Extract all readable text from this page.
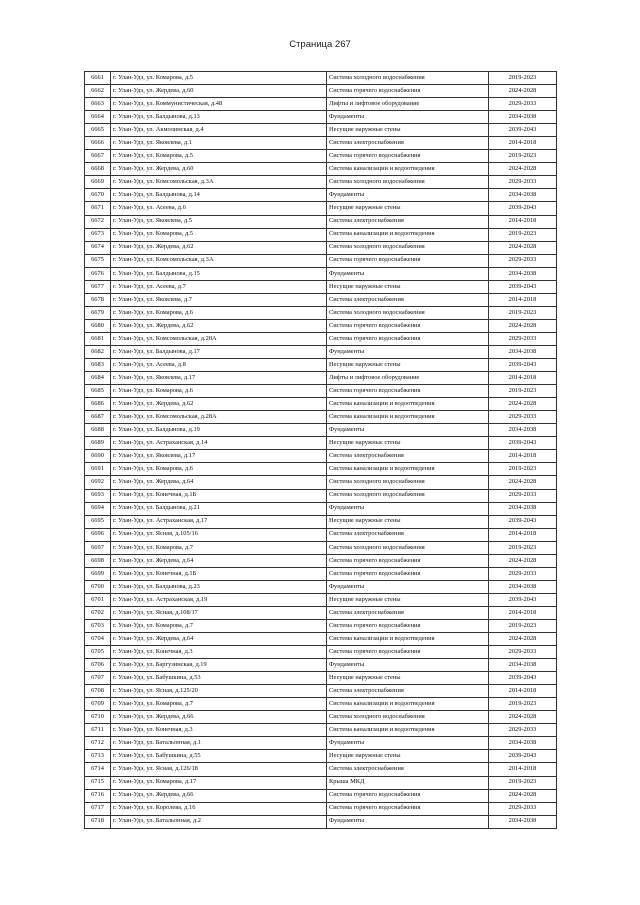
Страница 267
6661	г. Улан-Удэ, ул. Комарова, д.5	Система холодного водоснабжения	2019-2023
6662	г. Улан-Удэ, ул. Жердева, д.60	Система горячего водоснабжения	2024-2028
6663	г. Улан-Удэ, ул. Коммунистическая, д.48	Лифты и лифтовое оборудование	2029-2033
6664	г. Улан-Удэ, ул. Балдынова, д.13	Фундаменты	2034-2038
6665	г. Улан-Удэ, ул. Акмолинская, д.4	Несущие наружные стены	2039-2043
6666	г. Улан-Удэ, ул. Яковлева, д.1	Система электроснабжения	2014-2018
6667	г. Улан-Удэ, ул. Комарова, д.5	Система горячего водоснабжения	2019-2023
6668	г. Улан-Удэ, ул. Жердева, д.60	Система канализации и водоотведения	2024-2028
6669	г. Улан-Удэ, ул. Комсомольская, д.3А	Система холодного водоснабжения	2029-2033
6670	г. Улан-Удэ, ул. Балдынова, д.14	Фундаменты	2034-2038
6671	г. Улан-Удэ, ул. Асеева, д.6	Несущие наружные стены	2039-2043
6672	г. Улан-Удэ, ул. Яковлева, д.5	Система электроснабжения	2014-2018
6673	г. Улан-Удэ, ул. Комарова, д.5	Система канализации и водоотведения	2019-2023
6674	г. Улан-Удэ, ул. Жердева, д.62	Система холодного водоснабжения	2024-2028
6675	г. Улан-Удэ, ул. Комсомольская, д.3А	Система горячего водоснабжения	2029-2033
6676	г. Улан-Удэ, ул. Балдынова, д.15	Фундаменты	2034-2038
6677	г. Улан-Удэ, ул. Асеева, д.7	Несущие наружные стены	2039-2043
6678	г. Улан-Удэ, ул. Яковлева, д.7	Система электроснабжения	2014-2018
6679	г. Улан-Удэ, ул. Комарова, д.6	Система холодного водоснабжения	2019-2023
6680	г. Улан-Удэ, ул. Жердева, д.62	Система горячего водоснабжения	2024-2028
6681	г. Улан-Удэ, ул. Комсомольская, д.28А	Система горячего водоснабжения	2029-2033
6682	г. Улан-Удэ, ул. Балдынова, д.17	Фундаменты	2034-2038
6683	г. Улан-Удэ, ул. Асеева, д.8	Несущие наружные стены	2039-2043
6684	г. Улан-Удэ, ул. Яковлева, д.17	Лифты и лифтовое оборудование	2014-2018
6685	г. Улан-Удэ, ул. Комарова, д.6	Система горячего водоснабжения	2019-2023
6686	г. Улан-Удэ, ул. Жердева, д.62	Система канализации и водоотведения	2024-2028
6687	г. Улан-Удэ, ул. Комсомольская, д.28А	Система канализации и водоотведения	2029-2033
6688	г. Улан-Удэ, ул. Балдынова, д.19	Фундаменты	2034-2038
6689	г. Улан-Удэ, ул. Астраханская, д.14	Несущие наружные стены	2039-2043
6690	г. Улан-Удэ, ул. Яковлева, д.17	Система электроснабжения	2014-2018
6691	г. Улан-Удэ, ул. Комарова, д.6	Система канализации и водоотведения	2019-2023
6692	г. Улан-Удэ, ул. Жердева, д.64	Система холодного водоснабжения	2024-2028
6693	г. Улан-Удэ, ул. Конечная, д.1Б	Система холодного водоснабжения	2029-2033
6694	г. Улан-Удэ, ул. Балдынова, д.21	Фундаменты	2034-2038
6695	г. Улан-Удэ, ул. Астраханская, д.17	Несущие наружные стены	2039-2043
6696	г. Улан-Удэ, ул. Ясная, д.105/16	Система электроснабжения	2014-2018
6697	г. Улан-Удэ, ул. Комарова, д.7	Система холодного водоснабжения	2019-2023
6698	г. Улан-Удэ, ул. Жердева, д.64	Система горячего водоснабжения	2024-2028
6699	г. Улан-Удэ, ул. Конечная, д.1Б	Система горячего водоснабжения	2029-2033
6700	г. Улан-Удэ, ул. Балдынова, д.23	Фундаменты	2034-2038
6701	г. Улан-Удэ, ул. Астраханская, д.19	Несущие наружные стены	2039-2043
6702	г. Улан-Удэ, ул. Ясная, д.108/17	Система электроснабжения	2014-2018
6703	г. Улан-Удэ, ул. Комарова, д.7	Система горячего водоснабжения	2019-2023
6704	г. Улан-Удэ, ул. Жердева, д.64	Система канализации и водоотведения	2024-2028
6705	г. Улан-Удэ, ул. Конечная, д.3	Система горячего водоснабжения	2029-2033
6706	г. Улан-Удэ, ул. Баргузинская, д.19	Фундаменты	2034-2038
6707	г. Улан-Удэ, ул. Бабушкина, д.53	Несущие наружные стены	2039-2043
6708	г. Улан-Удэ, ул. Ясная, д.125/20	Система электроснабжения	2014-2018
6709	г. Улан-Удэ, ул. Комарова, д.7	Система канализации и водоотведения	2019-2023
6710	г. Улан-Удэ, ул. Жердева, д.66	Система холодного водоснабжения	2024-2028
6711	г. Улан-Удэ, ул. Конечная, д.3	Система канализации и водоотведения	2029-2033
6712	г. Улан-Удэ, ул. Батальонная, д.1	Фундаменты	2034-2038
6713	г. Улан-Удэ, ул. Бабушкина, д.55	Несущие наружные стены	2039-2043
6714	г. Улан-Удэ, ул. Ясная, д.126/18	Система электроснабжения	2014-2018
6715	г. Улан-Удэ, ул. Комарова, д.17	Крыша МКД	2019-2023
6716	г. Улан-Удэ, ул. Жердева, д.66	Система горячего водоснабжения	2024-2028
6717	г. Улан-Удэ, ул. Королева, д.16	Система горячего водоснабжения	2029-2033
6718	г. Улан-Удэ, ул. Батальонная, д.2	Фундаменты	2034-2038
